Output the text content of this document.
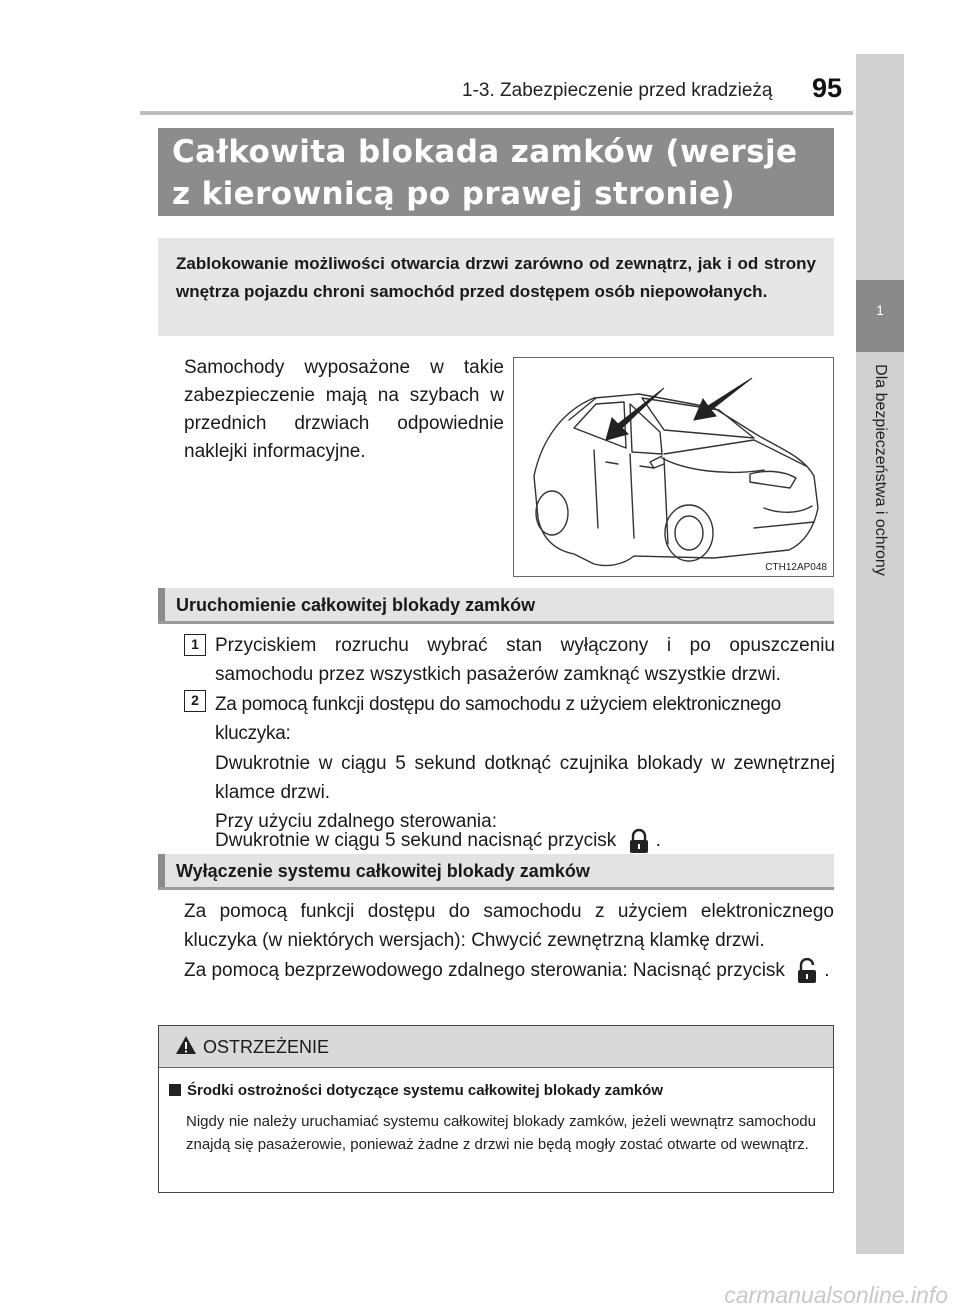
1-3. Zabezpieczenie przed kradzieżą 95
1
Dla bezpieczeństwa i ochrony
Całkowita blokada zamków (wersje
z kierownicą po prawej stronie)
Zablokowanie możliwości otwarcia drzwi zarówno od zewnątrz, jak i od strony wnętrza pojazdu chroni samochód przed dostępem osób niepowołanych.
Samochody wyposażone w takie zabezpieczenie mają na szybach w przednich drzwiach odpowiednie naklejki informacyjne.
CTH12AP048
Uruchomienie całkowitej blokady zamków
1 Przyciskiem rozruchu wybrać stan wyłączony i po opuszczeniu samochodu przez wszystkich pasażerów zamknąć wszystkie drzwi.
2 Za pomocą funkcji dostępu do samochodu z użyciem elektronicznego kluczyka:
Dwukrotnie w ciągu 5 sekund dotknąć czujnika blokady w zewnętrznej klamce drzwi.
Przy użyciu zdalnego sterowania:
Dwukrotnie w ciągu 5 sekund nacisnąć przycisk .
Wyłączenie systemu całkowitej blokady zamków
Za pomocą funkcji dostępu do samochodu z użyciem elektronicznego kluczyka (w niektórych wersjach): Chwycić zewnętrzną klamkę drzwi.
Za pomocą bezprzewodowego zdalnego sterowania: Nacisnąć przycisk .
OSTRZEŻENIE
Środki ostrożności dotyczące systemu całkowitej blokady zamków
Nigdy nie należy uruchamiać systemu całkowitej blokady zamków, jeżeli wewnątrz samochodu znajdą się pasażerowie, ponieważ żadne z drzwi nie będą mogły zostać otwarte od wewnątrz.
carmanualsonline.info
